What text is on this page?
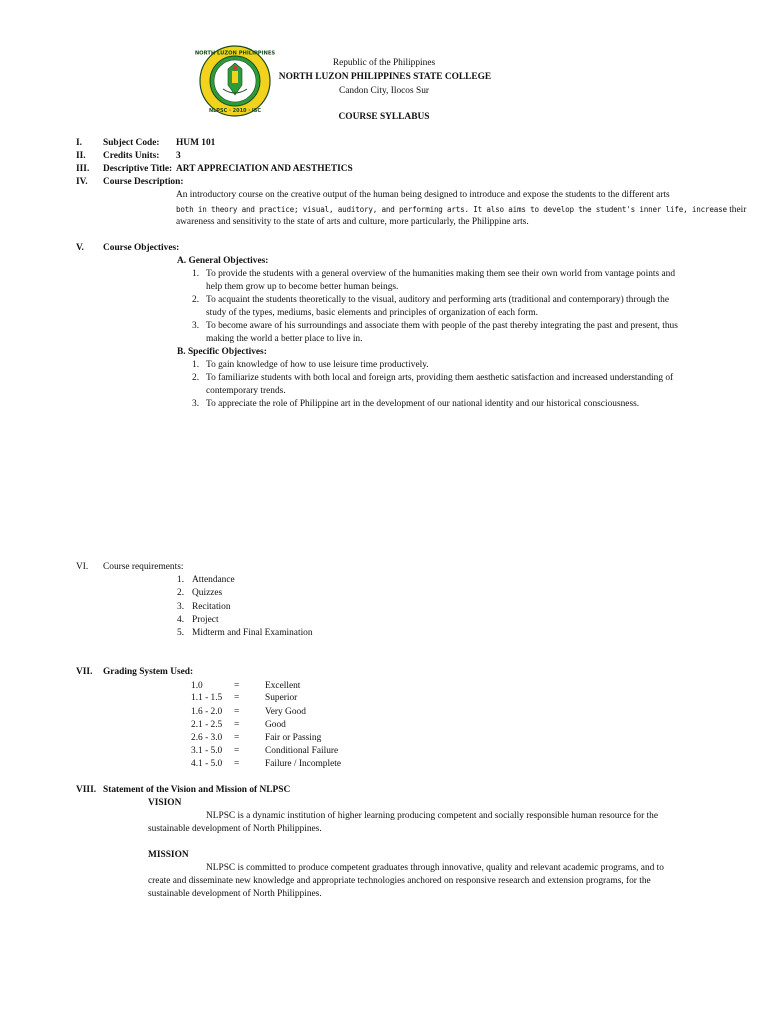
NORTH LUZON PHILIPPINES
NLPSC · 2010 · ISC
Republic of the Philippines
NORTH LUZON PHILIPPINES STATE COLLEGE
Candon City, Ilocos Sur
COURSE SYLLABUS
I. Subject Code: HUM 101
II. Credits Units: 3
III. Descriptive Title: ART APPRECIATION AND AESTHETICS
IV. Course Description:
An introductory course on the creative output of the human being designed to introduce and expose the students to the different arts
both in theory and practice; visual, auditory, and performing arts. It also aims to develop the student's inner life, increase their
awareness and sensitivity to the state of arts and culture, more particularly, the Philippine arts.
V. Course Objectives:
A. General Objectives:
1. To provide the students with a general overview of the humanities making them see their own world from vantage points and
help them grow up to become better human beings.
2. To acquaint the students theoretically to the visual, auditory and performing arts (traditional and contemporary) through the
study of the types, mediums, basic elements and principles of organization of each form.
3. To become aware of his surroundings and associate them with people of the past thereby integrating the past and present, thus
making the world a better place to live in.
B. Specific Objectives:
1. To gain knowledge of how to use leisure time productively.
2. To familiarize students with both local and foreign arts, providing them aesthetic satisfaction and increased understanding of
contemporary trends.
3. To appreciate the role of Philippine art in the development of our national identity and our historical consciousness.
VI. Course requirements:
1. Attendance
2. Quizzes
3. Recitation
4. Project
5. Midterm and Final Examination
VII. Grading System Used:
1.0	=	Excellent
1.1 - 1.5 =	Superior
1.6 - 2.0 =	Very Good
2.1 - 2.5 =	Good
2.6 - 3.0 =	Fair or Passing
3.1 - 5.0 =	Conditional Failure
4.1 - 5.0 =	Failure / Incomplete
VIII. Statement of the Vision and Mission of NLPSC
VISION
NLPSC is a dynamic institution of higher learning producing competent and socially responsible human resource for the
sustainable development of North Philippines.
MISSION
NLPSC is committed to produce competent graduates through innovative, quality and relevant academic programs, and to
create and disseminate new knowledge and appropriate technologies anchored on responsive research and extension programs, for the
sustainable development of North Philippines.
